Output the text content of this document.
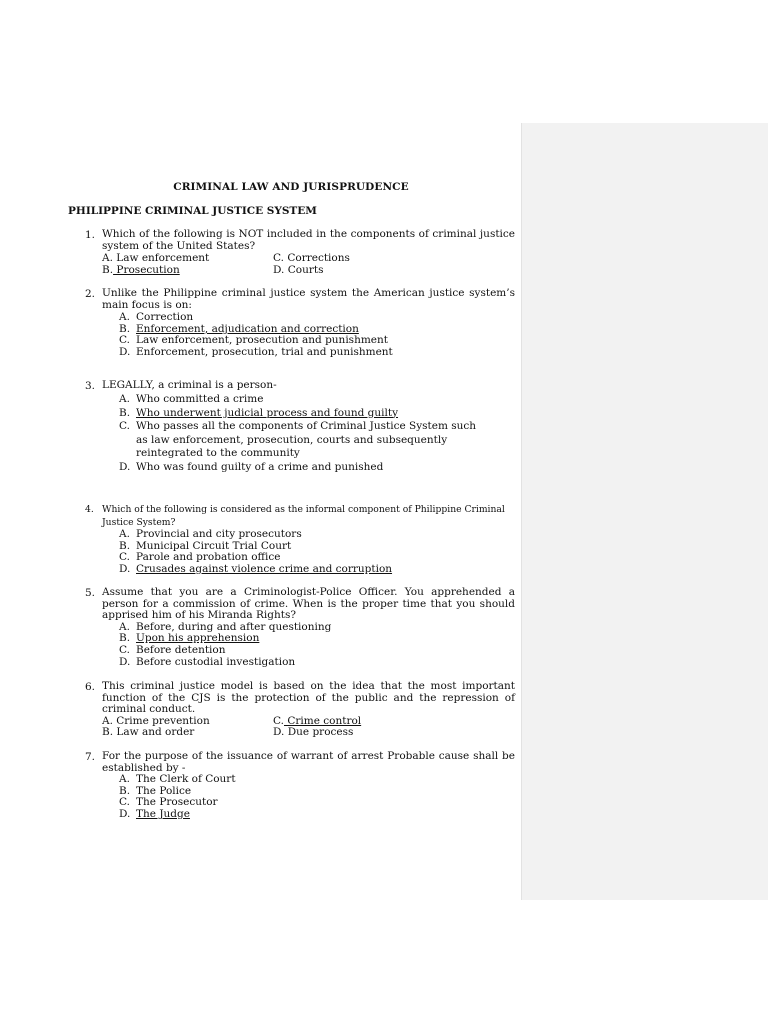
CRIMINAL LAW AND JURISPRUDENCE
PHILIPPINE CRIMINAL JUSTICE SYSTEM
1. Which of the following is NOT included in the components of criminal justice system of the United States?
A. Law enforcement	C. Corrections
B. Prosecution	D. Courts
2. Unlike the Philippine criminal justice system the American justice system’s main focus is on:
A. Correction
B. Enforcement, adjudication and correction
C. Law enforcement, prosecution and punishment
D. Enforcement, prosecution, trial and punishment
3. LEGALLY, a criminal is a person-
A. Who committed a crime
B. Who underwent judicial process and found guilty
C. Who passes all the components of Criminal Justice System such
as law enforcement, prosecution, courts and subsequently
reintegrated to the community
D. Who was found guilty of a crime and punished
4. Which of the following is considered as the informal component of Philippine Criminal Justice System?
A. Provincial and city prosecutors
B. Municipal Circuit Trial Court
C. Parole and probation office
D. Crusades against violence crime and corruption
5. Assume that you are a Criminologist-Police Officer. You apprehended a person for a commission of crime. When is the proper time that you should apprised him of his Miranda Rights?
A. Before, during and after questioning
B. Upon his apprehension
C. Before detention
D. Before custodial investigation
6. This criminal justice model is based on the idea that the most important function of the CJS is the protection of the public and the repression of criminal conduct.
A. Crime prevention	C. Crime control
B. Law and order	D. Due process
7. For the purpose of the issuance of warrant of arrest Probable cause shall be established by -
A. The Clerk of Court
B. The Police
C. The Prosecutor
D. The Judge
